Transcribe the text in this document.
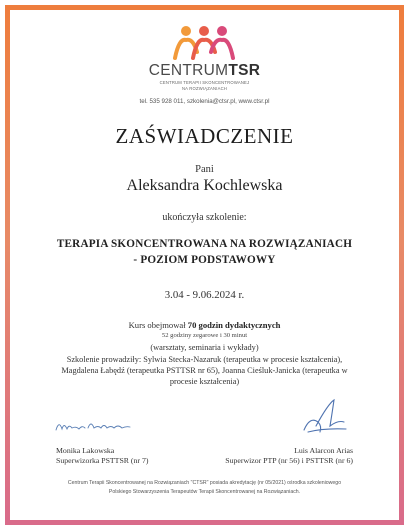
CENTRUMTSR
CENTRUM TERAPII SKONCENTROWANEJ
NA ROZWIĄZANIACH
tel. 535 928 011, szkolenia@ctsr.pl, www.ctsr.pl
ZAŚWIADCZENIE
Pani
Aleksandra Kochlewska
ukończyła szkolenie:
TERAPIA SKONCENTROWANA NA ROZWIĄZANIACH
- POZIOM PODSTAWOWY
3.04 - 9.06.2024 r.
Kurs obejmował 70 godzin dydaktycznych
52 godziny zegarowe i 30 minut
(warsztaty, seminaria i wykłady)
Szkolenie prowadziły: Sylwia Stecka-Nazaruk (terapeutka w procesie kształcenia), Magdalena Łabędź (terapeutka PSTTSR nr 65), Joanna Cieśluk-Janicka (terapeutka w procesie kształcenia)
Monika Lakowska
Superwizorka PSTTSR (nr 7)
Luis Alarcon Arias
Superwizor PTP (nr 56) i PSTTSR (nr 6)
Centrum Terapii Skoncentrowanej na Rozwiązaniach "CTSR" posiada akredytację (nr 05/2021) ośrodka szkoleniowego
Polskiego Stowarzyszenia Terapeutów Terapii Skoncentrowanej na Rozwiązaniach.
